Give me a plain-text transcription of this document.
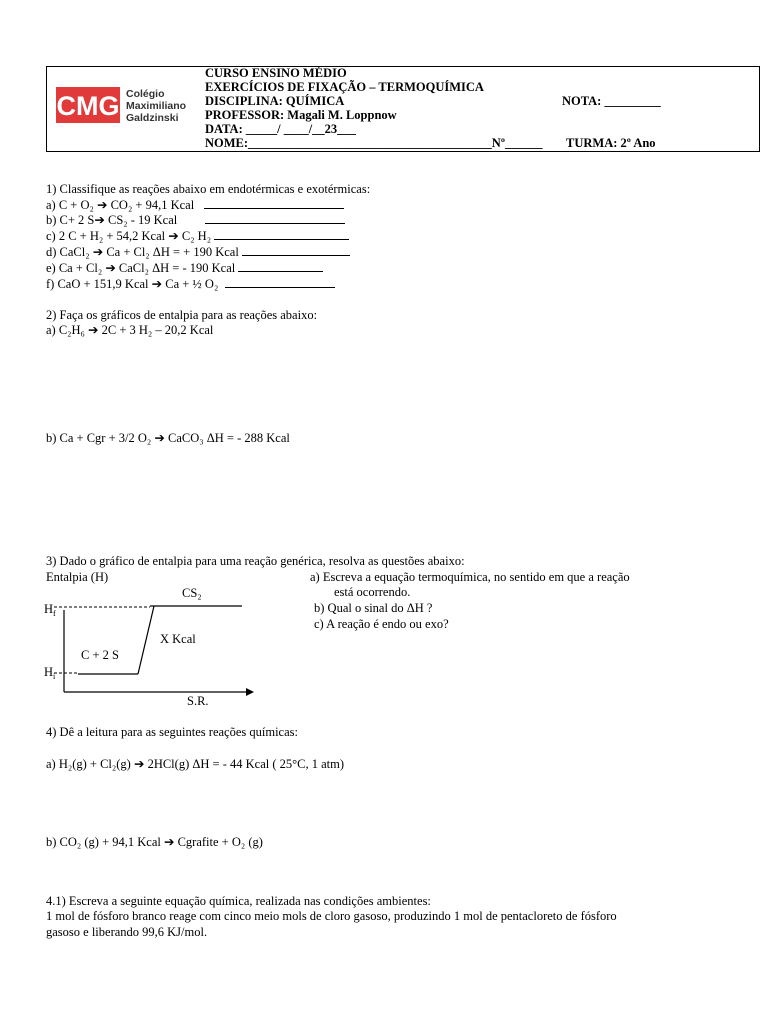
CMG Colégio
Maximiliano
Galdzinski
CURSO ENSINO MÉDIO
EXERCÍCIOS DE FIXAÇÃO – TERMOQUÍMICA
DISCIPLINA: QUÍMICA	NOTA: _________
PROFESSOR: Magali M. Loppnow
DATA: _____/ ____/__23___
NOME:_______________________________________Nº______ TURMA: 2º Ano
1) Classifique as reações abaixo em endotérmicas e exotérmicas:
a) C + O₂ ➔ CO₂ + 94,1 Kcal
b) C+ 2 S➔ CS₂ - 19 Kcal
c) 2 C + H₂ + 54,2 Kcal ➔ C₂ H₂
d) CaCl₂ ➔ Ca + Cl₂ ΔH = + 190 Kcal
e) Ca + Cl₂ ➔ CaCl₂ ΔH = - 190 Kcal
f) CaO + 151,9 Kcal ➔ Ca + ½ O₂
2) Faça os gráficos de entalpia para as reações abaixo:
a) C₂H₆ ➔ 2C + 3 H₂ – 20,2 Kcal
b) Ca + Cgr + 3/2 O₂ ➔ CaCO₃ ΔH = - 288 Kcal
3) Dado o gráfico de entalpia para uma reação genérica, resolva as questões abaixo:
Entalpia (H)	a) Escreva a equação termoquímica, no sentido em que a reação
está ocorrendo.
b) Qual o sinal do ΔH ?
c) A reação é endo ou exo?
$H_f$
$H_i$
CS₂
C + 2 S
X Kcal
S.R.
4) Dê a leitura para as seguintes reações químicas:
a) H₂(g) + Cl₂(g) ➔ 2HCl(g) ΔH = - 44 Kcal ( 25°C, 1 atm)
b) CO₂ (g) + 94,1 Kcal ➔ Cgrafite + O₂ (g)
4.1) Escreva a seguinte equação química, realizada nas condições ambientes:
1 mol de fósforo branco reage com cinco meio mols de cloro gasoso, produzindo 1 mol de pentacloreto de fósforo
gasoso e liberando 99,6 KJ/mol.
